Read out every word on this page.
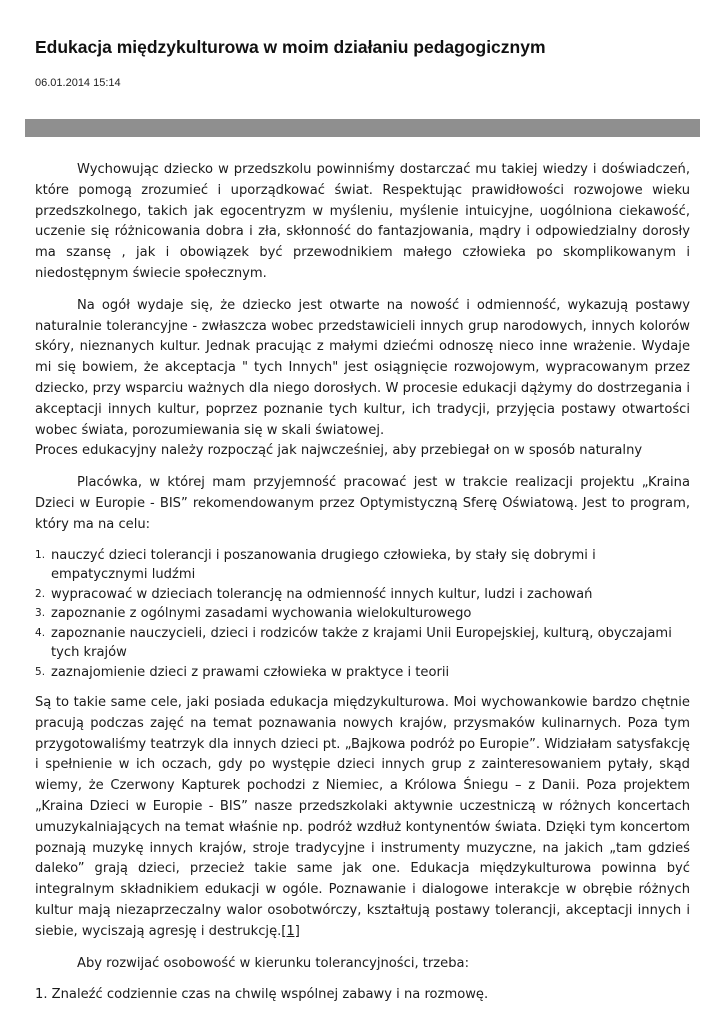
Edukacja międzykulturowa w moim działaniu pedagogicznym
06.01.2014 15:14

Wychowując dziecko w przedszkolu powinniśmy dostarczać mu takiej wiedzy i doświadczeń, które pomogą zrozumieć i uporządkować świat. Respektując prawidłowości rozwojowe wieku przedszkolnego, takich jak egocentryzm w myśleniu, myślenie intuicyjne, uogólniona ciekawość, uczenie się różnicowania dobra i zła, skłonność do fantazjowania, mądry i odpowiedzialny dorosły ma szansę , jak i obowiązek być przewodnikiem małego człowieka po skomplikowanym i niedostępnym świecie społecznym.

Na ogół wydaje się, że dziecko jest otwarte na nowość i odmienność, wykazują postawy naturalnie tolerancyjne - zwłaszcza wobec przedstawicieli innych grup narodowych, innych kolorów skóry, nieznanych kultur. Jednak pracując z małymi dziećmi odnoszę nieco inne wrażenie. Wydaje mi się bowiem, że akceptacja " tych Innych" jest osiągnięcie rozwojowym, wypracowanym przez dziecko, przy wsparciu ważnych dla niego dorosłych. W procesie edukacji dążymy do dostrzegania i akceptacji innych kultur, poprzez poznanie tych kultur, ich tradycji, przyjęcia postawy otwartości wobec świata, porozumiewania się w skali światowej.

Proces edukacyjny należy rozpocząć jak najwcześniej, aby przebiegał on w sposób naturalny

Placówka, w której mam przyjemność pracować jest w trakcie realizacji projektu „Kraina Dzieci w Europie - BIS” rekomendowanym przez Optymistyczną Sferę Oświatową. Jest to program, który ma na celu:

nauczyć dzieci tolerancji i poszanowania drugiego człowieka, by stały się dobrymi i empatycznymi ludźmi
wypracować w dzieciach tolerancję na odmienność innych kultur, ludzi i zachowań
zapoznanie z ogólnymi zasadami wychowania wielokulturowego
zapoznanie nauczycieli, dzieci i rodziców także z krajami Unii Europejskiej, kulturą, obyczajami tych krajów
zaznajomienie dzieci z prawami człowieka w praktyce i teorii

Są to takie same cele, jaki posiada edukacja międzykulturowa. Moi wychowankowie bardzo chętnie pracują podczas zajęć na temat poznawania nowych krajów, przysmaków kulinarnych. Poza tym przygotowaliśmy teatrzyk dla innych dzieci pt. „Bajkowa podróż po Europie”. Widziałam satysfakcję i spełnienie w ich oczach, gdy po występie dzieci innych grup z zainteresowaniem pytały, skąd wiemy, że Czerwony Kapturek pochodzi z Niemiec, a Królowa Śniegu – z Danii. Poza projektem „Kraina Dzieci w Europie - BIS” nasze przedszkolaki aktywnie uczestniczą w różnych koncertach umuzykalniających na temat właśnie np. podróż wzdłuż kontynentów świata. Dzięki tym koncertom poznają muzykę innych krajów, stroje tradycyjne i instrumenty muzyczne, na jakich „tam gdzieś daleko” grają dzieci, przecież takie same jak one. Edukacja międzykulturowa powinna być integralnym składnikiem edukacji w ogóle. Poznawanie i dialogowe interakcje w obrębie różnych kultur mają niezaprzeczalny walor osobotwórczy, kształtują postawy tolerancji, akceptacji innych i siebie, wyciszają agresję i destrukcję.[1]

Aby rozwijać osobowość w kierunku tolerancyjności, trzeba:

1. Znaleźć codziennie czas na chwilę wspólnej zabawy i na rozmowę.
